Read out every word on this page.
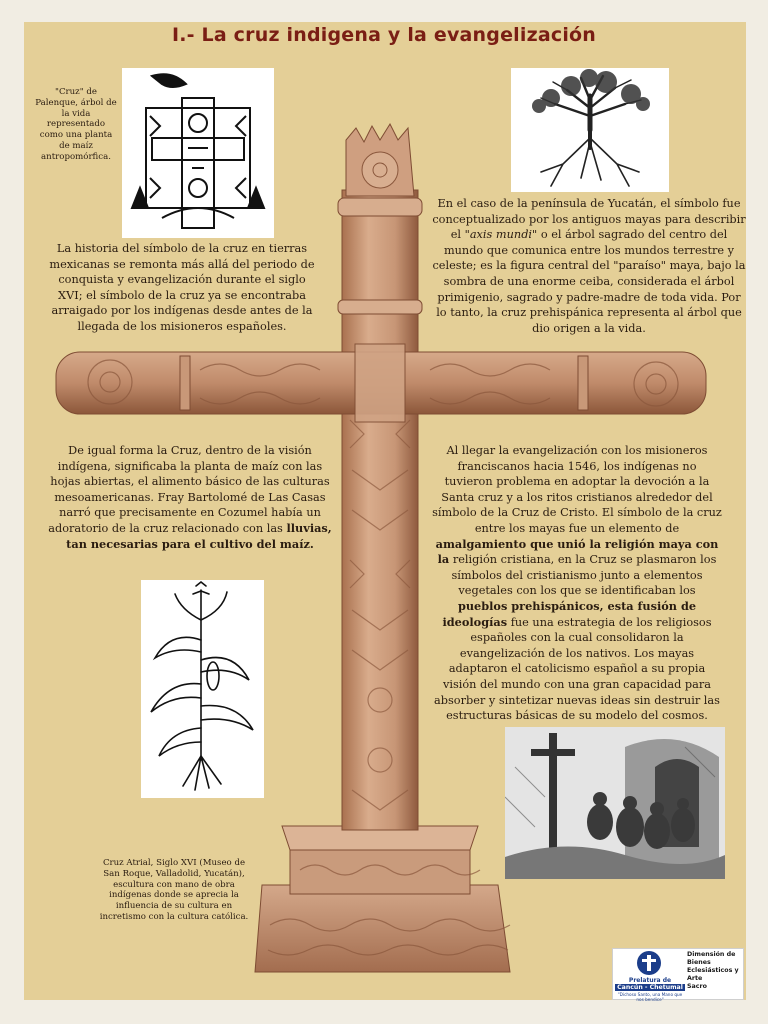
I.- La cruz indigena y la evangelización
"Cruz" de Palenque, árbol de la vida representado como una planta de maíz antropomórfica.
La historia del símbolo de la cruz en tierras mexicanas se remonta más allá del periodo de conquista y evangelización durante el siglo XVI; el símbolo de la cruz ya se encontraba arraigado por los indígenas desde antes de la llegada de los misioneros españoles.
En el caso de la península de Yucatán, el símbolo fue conceptualizado por los antiguos mayas para describir el "axis mundi" o el árbol sagrado del centro del mundo que comunica entre los mundos terrestre y celeste; es la figura central del "paraíso" maya, bajo la sombra de una enorme ceiba, considerada el árbol primigenio, sagrado y padre-madre de toda vida. Por lo tanto, la cruz prehispánica representa al árbol que dio origen a la vida.
De igual forma la Cruz, dentro de la visión indígena, significaba la planta de maíz con las hojas abiertas, el alimento básico de las culturas mesoamericanas. Fray Bartolomé de Las Casas narró que precisamente en Cozumel había un adoratorio de la cruz relacionado con las lluvias, tan necesarias para el cultivo del maíz.
Al llegar la evangelización con los misioneros franciscanos hacia 1546, los indígenas no tuvieron problema en adoptar la devoción a la Santa cruz y a los ritos cristianos alrededor del símbolo de la Cruz de Cristo. El símbolo de la cruz entre los mayas fue un elemento de amalgamiento que unió la religión maya con la religión cristiana, en la Cruz se plasmaron los símbolos del cristianismo junto a elementos vegetales con los que se identificaban los pueblos prehispánicos, esta fusión de ideologías fue una estrategia de los religiosos españoles con la cual consolidaron la evangelización de los nativos. Los mayas adaptaron el catolicismo español a su propia visión del mundo con una gran capacidad para absorber y sintetizar nuevas ideas sin destruir las estructuras básicas de su modelo del cosmos.
Cruz Atrial, Siglo XVI (Museo de San Roque, Valladolid, Yucatán), escultura con mano de obra indígenas donde se aprecia la influencia de su cultura en incretismo con la cultura católica.
Prelatura de
Cancún - Chetumal
"Dichoso Santo, una Mano que nos bendice"
Dimensión de
Bienes
Eclesiásticos y
Arte
Sacro
